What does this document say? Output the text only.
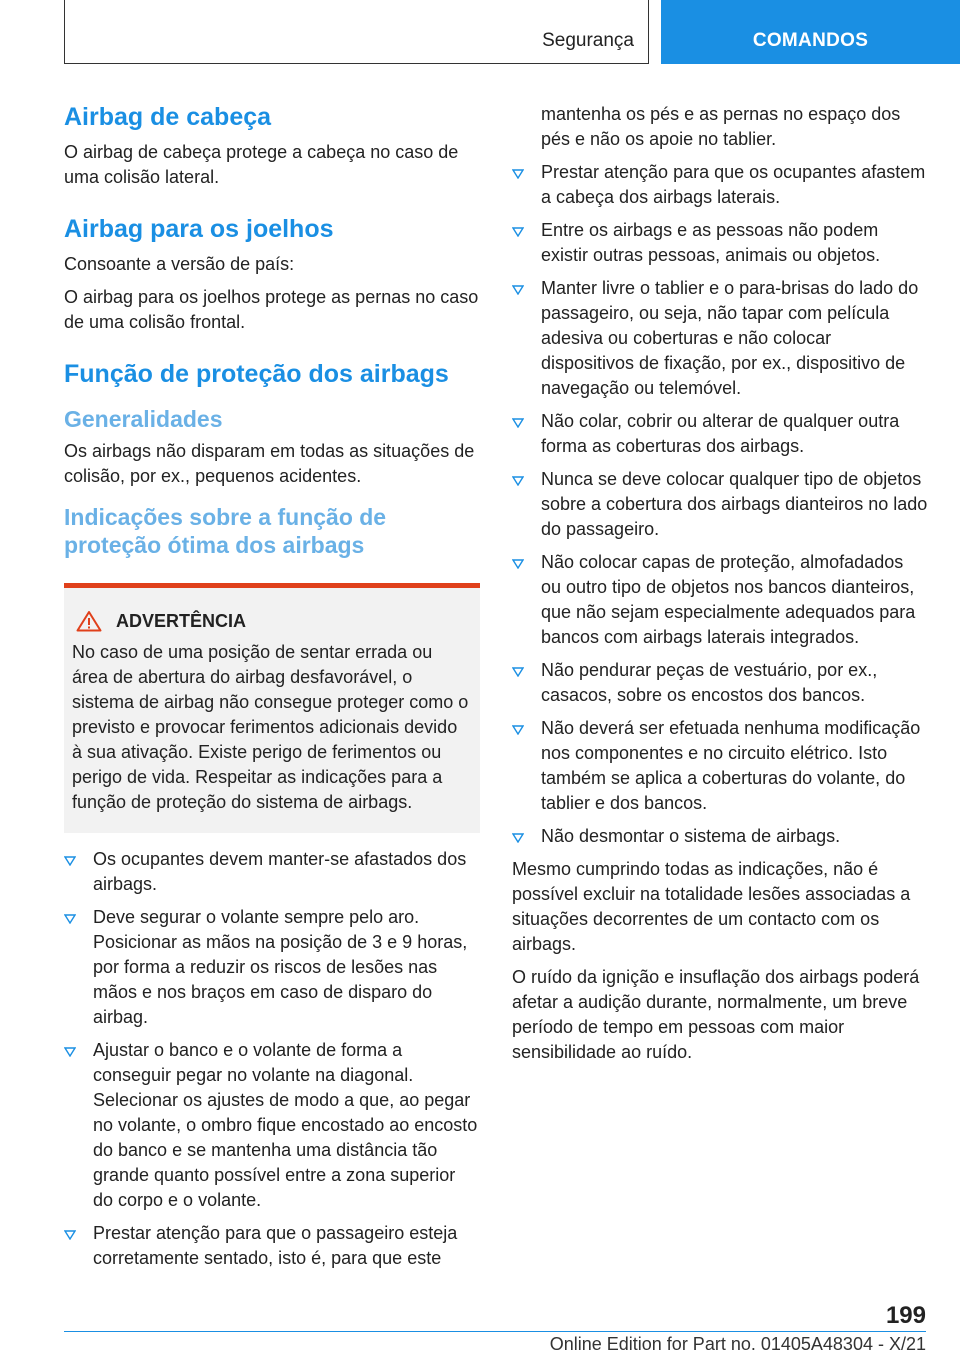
Segurança	COMANDOS
Airbag de cabeça

O airbag de cabeça protege a cabeça no caso de uma colisão lateral.

Airbag para os joelhos

Consoante a versão de país:

O airbag para os joelhos protege as pernas no caso de uma colisão frontal.

Função de proteção dos airbags
Generalidades

Os airbags não disparam em todas as situações de colisão, por ex., pequenos acidentes.

Indicações sobre a função de proteção ótima dos airbags
ADVERTÊNCIA

No caso de uma posição de sentar errada ou área de abertura do airbag desfavorável, o sistema de airbag não consegue proteger como o previsto e provocar ferimentos adicionais devido à sua ativação. Existe perigo de ferimentos ou perigo de vida. Respeitar as indicações para a função de proteção do sistema de airbags.

Os ocupantes devem manter-se afastados dos airbags.
Deve segurar o volante sempre pelo aro. Posicionar as mãos na posição de 3 e 9 horas, por forma a reduzir os riscos de lesões nas mãos e nos braços em caso de disparo do airbag.
Ajustar o banco e o volante de forma a conseguir pegar no volante na diagonal. Selecionar os ajustes de modo a que, ao pegar no volante, o ombro fique encostado ao encosto do banco e se mantenha uma distância tão grande quanto possível entre a zona superior do corpo e o volante.
Prestar atenção para que o passageiro esteja corretamente sentado, isto é, para que este

mantenha os pés e as pernas no espaço dos pés e não os apoie no tablier.

Prestar atenção para que os ocupantes afastem a cabeça dos airbags laterais.
Entre os airbags e as pessoas não podem existir outras pessoas, animais ou objetos.
Manter livre o tablier e o para-brisas do lado do passageiro, ou seja, não tapar com película adesiva ou coberturas e não colocar dispositivos de fixação, por ex., dispositivo de navegação ou telemóvel.
Não colar, cobrir ou alterar de qualquer outra forma as coberturas dos airbags.
Nunca se deve colocar qualquer tipo de objetos sobre a cobertura dos airbags dianteiros no lado do passageiro.
Não colocar capas de proteção, almofadados ou outro tipo de objetos nos bancos dianteiros, que não sejam especialmente adequados para bancos com airbags laterais integrados.
Não pendurar peças de vestuário, por ex., casacos, sobre os encostos dos bancos.
Não deverá ser efetuada nenhuma modificação nos componentes e no circuito elétrico. Isto também se aplica a coberturas do volante, do tablier e dos bancos.
Não desmontar o sistema de airbags.

Mesmo cumprindo todas as indicações, não é possível excluir na totalidade lesões associadas a situações decorrentes de um contacto com os airbags.

O ruído da ignição e insuflação dos airbags poderá afetar a audição durante, normalmente, um breve período de tempo em pessoas com maior sensibilidade ao ruído.

199
Online Edition for Part no. 01405A48304 - X/21
